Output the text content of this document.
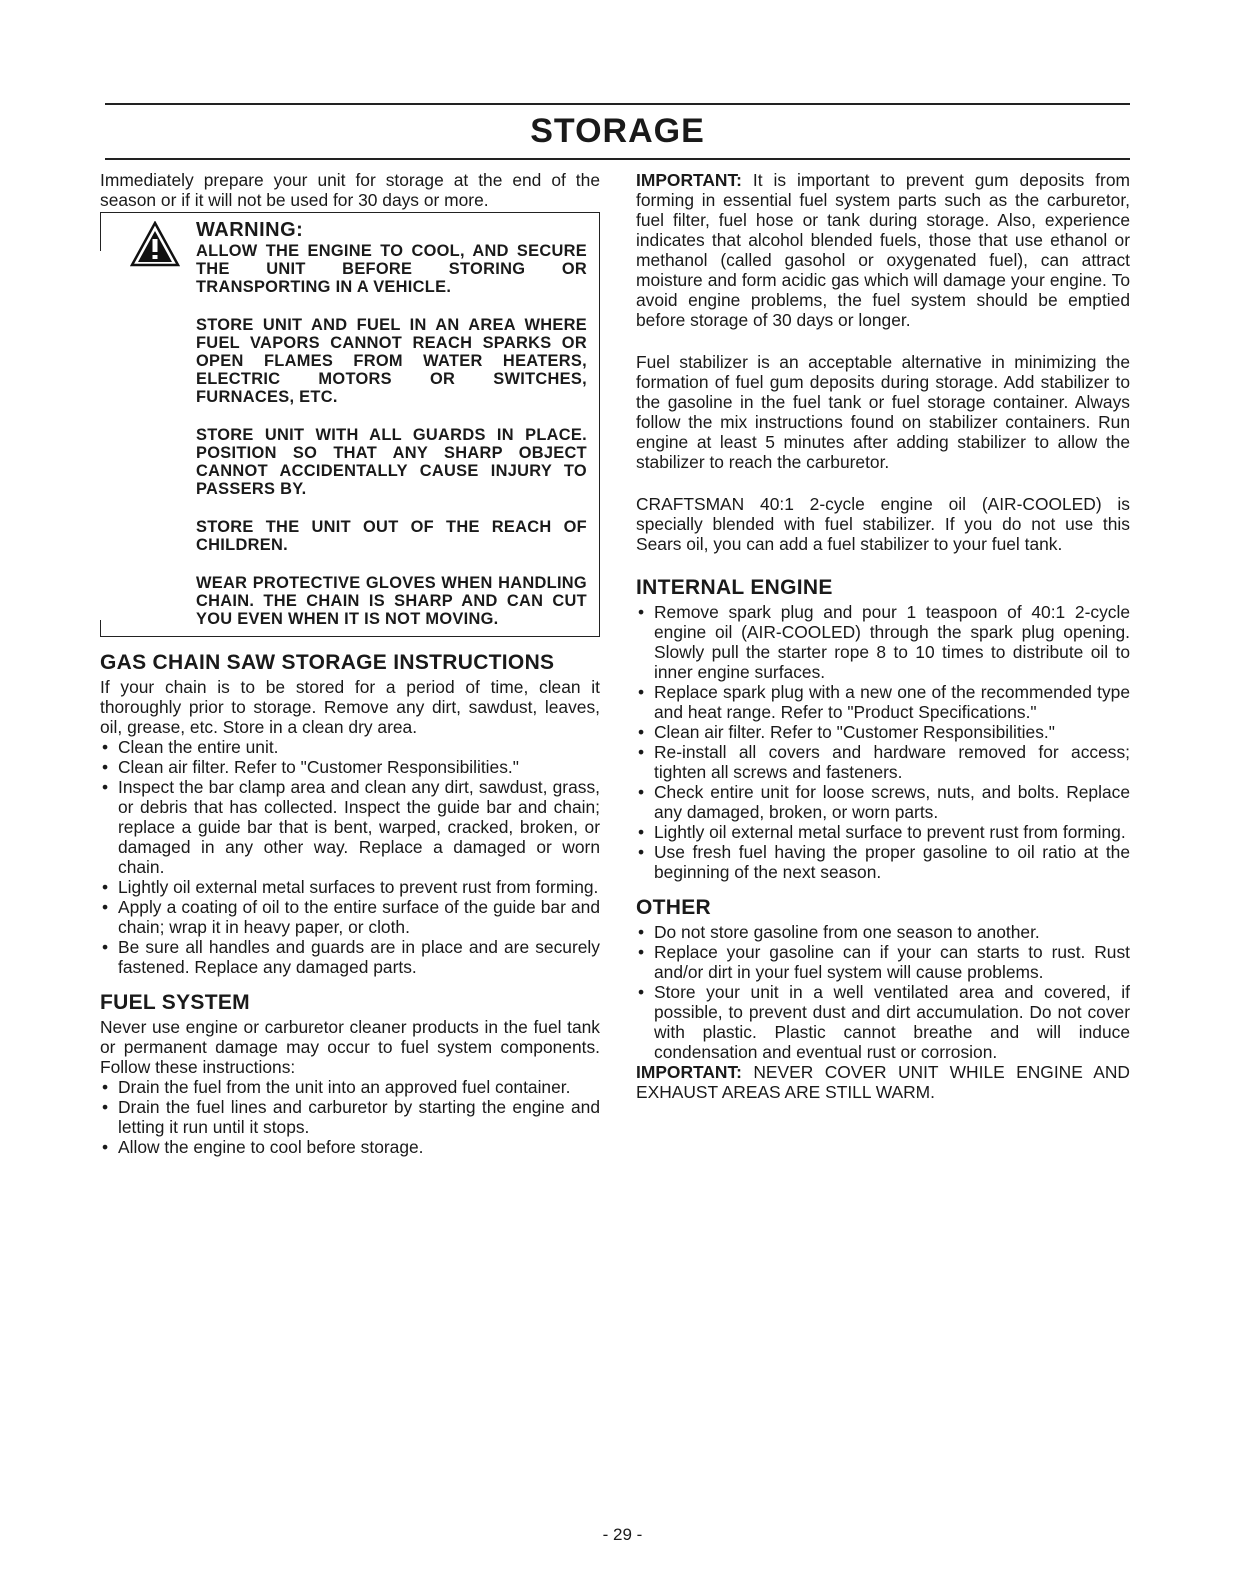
STORAGE

Immediately prepare your unit for storage at the end of the season or if it will not be used for 30 days or more.

WARNING:

ALLOW THE ENGINE TO COOL, AND SECURE THE UNIT BEFORE STORING OR TRANSPORTING IN A VEHICLE.

STORE UNIT AND FUEL IN AN AREA WHERE FUEL VAPORS CANNOT REACH SPARKS OR OPEN FLAMES FROM WATER HEATERS, ELECTRIC MOTORS OR SWITCHES, FURNACES, ETC.

STORE UNIT WITH ALL GUARDS IN PLACE. POSITION SO THAT ANY SHARP OBJECT CANNOT ACCIDENTALLY CAUSE INJURY TO PASSERS BY.

STORE THE UNIT OUT OF THE REACH OF CHILDREN.

WEAR PROTECTIVE GLOVES WHEN HANDLING CHAIN. THE CHAIN IS SHARP AND CAN CUT YOU EVEN WHEN IT IS NOT MOVING.

GAS CHAIN SAW STORAGE INSTRUCTIONS

If your chain is to be stored for a period of time, clean it thoroughly prior to storage. Remove any dirt, sawdust, leaves, oil, grease, etc. Store in a clean dry area.

• Clean the entire unit.
• Clean air filter. Refer to "Customer Responsibilities."
• Inspect the bar clamp area and clean any dirt, sawdust, grass, or debris that has collected. Inspect the guide bar and chain; replace a guide bar that is bent, warped, cracked, broken, or damaged in any other way. Replace a damaged or worn chain.
• Lightly oil external metal surfaces to prevent rust from forming.
• Apply a coating of oil to the entire surface of the guide bar and chain; wrap it in heavy paper, or cloth.
• Be sure all handles and guards are in place and are securely fastened. Replace any damaged parts.
FUEL SYSTEM

Never use engine or carburetor cleaner products in the fuel tank or permanent damage may occur to fuel system components. Follow these instructions:

• Drain the fuel from the unit into an approved fuel container.
• Drain the fuel lines and carburetor by starting the engine and letting it run until it stops.
• Allow the engine to cool before storage.

IMPORTANT: It is important to prevent gum deposits from forming in essential fuel system parts such as the carburetor, fuel filter, fuel hose or tank during storage. Also, experience indicates that alcohol blended fuels, those that use ethanol or methanol (called gasohol or oxygenated fuel), can attract moisture and form acidic gas which will damage your engine. To avoid engine problems, the fuel system should be emptied before storage of 30 days or longer.

Fuel stabilizer is an acceptable alternative in minimizing the formation of fuel gum deposits during storage. Add stabilizer to the gasoline in the fuel tank or fuel storage container. Always follow the mix instructions found on stabilizer containers. Run engine at least 5 minutes after adding stabilizer to allow the stabilizer to reach the carburetor.

CRAFTSMAN 40:1 2-cycle engine oil (AIR-COOLED) is specially blended with fuel stabilizer. If you do not use this Sears oil, you can add a fuel stabilizer to your fuel tank.

INTERNAL ENGINE
• Remove spark plug and pour 1 teaspoon of 40:1 2-cycle engine oil (AIR-COOLED) through the spark plug opening. Slowly pull the starter rope 8 to 10 times to distribute oil to inner engine surfaces.
• Replace spark plug with a new one of the recommended type and heat range. Refer to "Product Specifications."
• Clean air filter. Refer to "Customer Responsibilities."
• Re-install all covers and hardware removed for access; tighten all screws and fasteners.
• Check entire unit for loose screws, nuts, and bolts. Replace any damaged, broken, or worn parts.
• Lightly oil external metal surface to prevent rust from forming.
• Use fresh fuel having the proper gasoline to oil ratio at the beginning of the next season.
OTHER
• Do not store gasoline from one season to another.
• Replace your gasoline can if your can starts to rust. Rust and/or dirt in your fuel system will cause problems.
• Store your unit in a well ventilated area and covered, if possible, to prevent dust and dirt accumulation. Do not cover with plastic. Plastic cannot breathe and will induce condensation and eventual rust or corrosion.

IMPORTANT: NEVER COVER UNIT WHILE ENGINE AND EXHAUST AREAS ARE STILL WARM.

- 29 -
